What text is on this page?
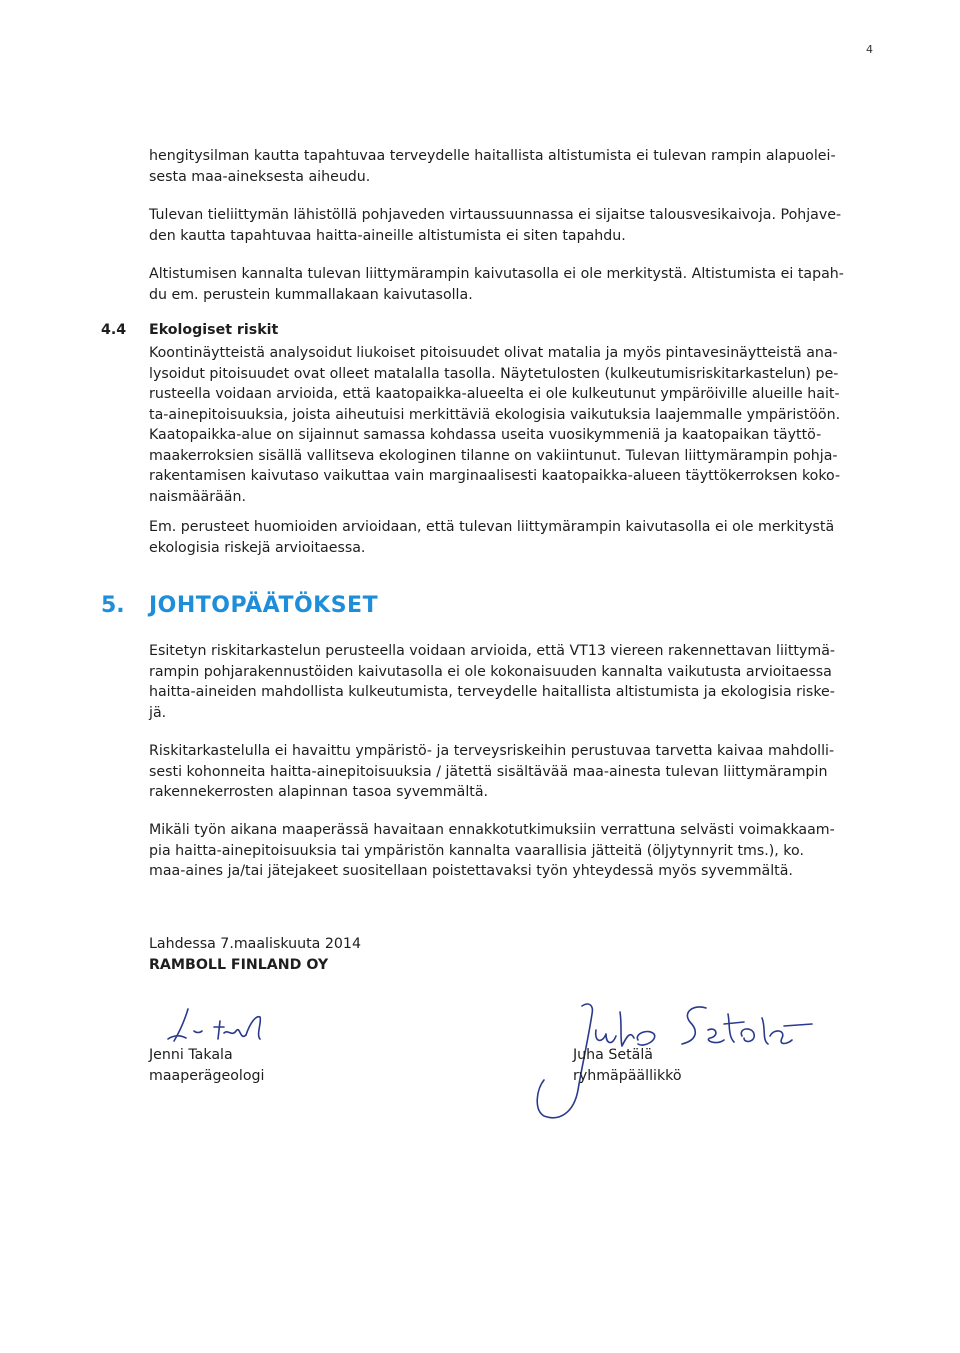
4

hengitysilman kautta tapahtuvaa terveydelle haitallista altistumista ei tulevan rampin alapuolei-
sesta maa-aineksesta aiheudu.

Tulevan tieliittymän lähistöllä pohjaveden virtaussuunnassa ei sijaitse talousvesikaivoja. Pohjave-
den kautta tapahtuvaa haitta-aineille altistumista ei siten tapahdu.

Altistumisen kannalta tulevan liittymärampin kaivutasolla ei ole merkitystä. Altistumista ei tapah-
du em. perustein kummallakaan kaivutasolla.

4.4 Ekologiset riskit

Koontinäytteistä analysoidut liukoiset pitoisuudet olivat matalia ja myös pintavesinäytteistä ana-
lysoidut pitoisuudet ovat olleet matalalla tasolla. Näytetulosten (kulkeutumisriskitarkastelun) pe-
rusteella voidaan arvioida, että kaatopaikka-alueelta ei ole kulkeutunut ympäröiville alueille hait-
ta-ainepitoisuuksia, joista aiheutuisi merkittäviä ekologisia vaikutuksia laajemmalle ympäristöön.
Kaatopaikka-alue on sijainnut samassa kohdassa useita vuosikymmeniä ja kaatopaikan täyttö-
maakerroksien sisällä vallitseva ekologinen tilanne on vakiintunut. Tulevan liittymärampin pohja-
rakentamisen kaivutaso vaikuttaa vain marginaalisesti kaatopaikka-alueen täyttökerroksen koko-
naismäärään.

Em. perusteet huomioiden arvioidaan, että tulevan liittymärampin kaivutasolla ei ole merkitystä
ekologisia riskejä arvioitaessa.

5. JOHTOPÄÄTÖKSET

Esitetyn riskitarkastelun perusteella voidaan arvioida, että VT13 viereen rakennettavan liittymä-
rampin pohjarakennustöiden kaivutasolla ei ole kokonaisuuden kannalta vaikutusta arvioitaessa
haitta-aineiden mahdollista kulkeutumista, terveydelle haitallista altistumista ja ekologisia riske-
jä.

Riskitarkastelulla ei havaittu ympäristö- ja terveysriskeihin perustuvaa tarvetta kaivaa mahdolli-
sesti kohonneita haitta-ainepitoisuuksia / jätettä sisältävää maa-ainesta tulevan liittymärampin
rakennekerrosten alapinnan tasoa syvemmältä.

Mikäli työn aikana maaperässä havaitaan ennakkotutkimuksiin verrattuna selvästi voimakkaam-
pia haitta-ainepitoisuuksia tai ympäristön kannalta vaarallisia jätteitä (öljytynnyrit tms.), ko.
maa-aines ja/tai jätejakeet suositellaan poistettavaksi työn yhteydessä myös syvemmältä.

Lahdessa 7.maaliskuuta 2014
RAMBOLL FINLAND OY
Jenni Takala
maaperägeologi
Juha Setälä
ryhmäpäällikkö
